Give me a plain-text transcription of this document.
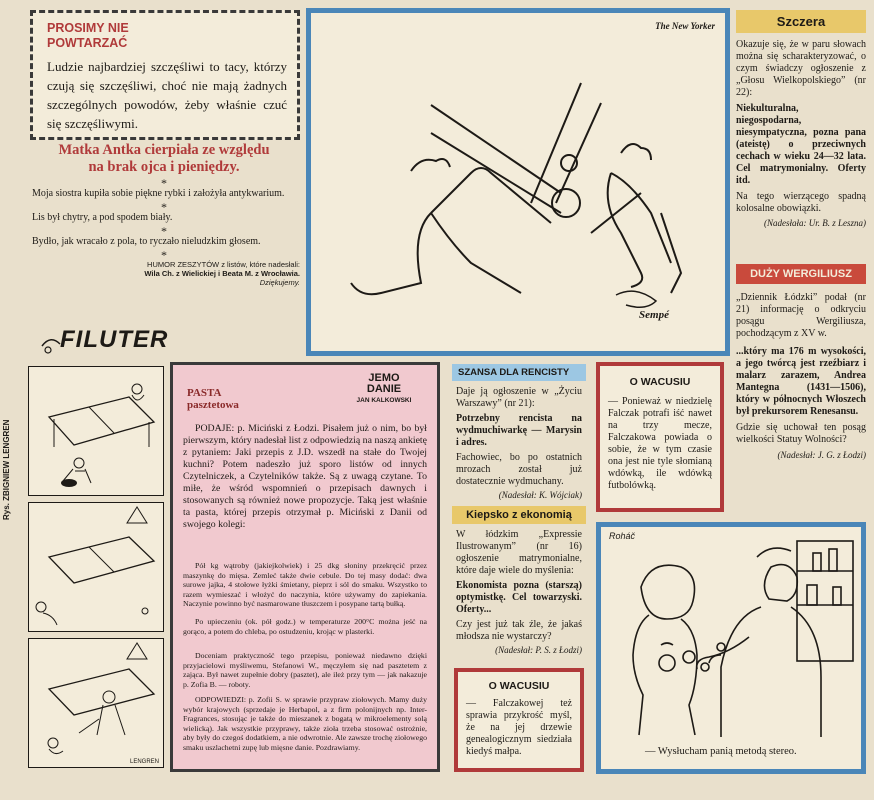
Rys. ZBIGNIEW LENGREN
PROSIMY NIE
POWTARZAĆ
Ludzie najbardziej szczęśliwi to tacy, którzy czują się szczęśliwi, choć nie mają żadnych szczególnych powodów, żeby właśnie czuć się szczęśliwymi.
Matka Antka cierpiała ze względu
na brak ojca i pieniędzy.
*
Moja siostra kupiła sobie piękne rybki i założyła antykwarium.
*
Lis był chytry, a pod spodem biały.
*
Bydło, jak wracało z pola, to ryczało nieludzkim głosem.
*
HUMOR ZESZYTÓW z listów, które nadesłali:
Wila Ch. z Wielickiej i Beata M. z Wrocławia.
Dziękujemy.
FILUTER
LENGREN
The New Yorker
Sempé
Szczera
Okazuje się, że w paru słowach można się scharakteryzować, o czym świadczy ogłoszenie z „Głosu Wielkopolskiego” (nr 22):
Niekulturalna, niegospodarna, niesympatyczna, pozna pana (ateistę) o przeciwnych cechach w wieku 24—32 lata. Cel matrymonialny. Oferty itd.
Na tego wierzącego spadną kolosalne obowiązki.
(Nadesłała: Ur. B. z Leszna)
DUŻY WERGILIUSZ
„Dziennik Łódzki” podał (nr 21) informację o odkryciu posągu Wergiliusza, pochodzącym z XV w.
...który ma 176 m wysokości, a jego twórcą jest rzeźbiarz i malarz zarazem, Andrea Mantegna (1431—1506), który w północnych Włoszech był prekursorem Renesansu.
Gdzie się uchował ten posąg wielkości Statuy Wolności?
(Nadesłał: J. G. z Łodzi)
PASTA
pasztetowa
JEMO
DANIE
JAN KALKOWSKI
PODAJE: p. Miciński z Łodzi. Pisałem już o nim, bo był pierwszym, który nadesłał list z odpowiedzią na naszą ankietę z pytaniem: Jaki przepis z J.D. wszedł na stałe do Twojej kuchni? Potem nadeszło już sporo listów od innych Czytelniczek, a Czytelników także. Są z uwagą czytane. To miłe, że wśród wspomnień o przepisach dawnych i stosowanych są również nowe propozycje. Taką jest właśnie ta pasta, której przepis otrzymał p. Miciński z Danii od swojego kolegi:
Pół kg wątroby (jakiejkolwiek) i 25 dkg słoniny przekręcić przez maszynkę do mięsa. Zemleć także dwie cebule. Do tej masy dodać: dwa surowe jajka, 4 stołowe łyżki śmietany, pieprz i sól do smaku. Wszystko to razem wymieszać i włożyć do naczynia, które używamy do zapiekania. Naczynie powinno być nasmarowane tłuszczem i posypane tartą bułką.
Po upieczeniu (ok. pół godz.) w temperaturze 200°C można jeść na gorąco, a potem do chleba, po ostudzeniu, krojąc w plasterki.
Doceniam praktyczność tego przepisu, ponieważ niedawno dzięki przyjacielowi myśliwemu, Stefanowi W., męczyłem się nad pasztetem z zająca. Był nawet zupełnie dobry (pasztet), ale ileż przy tym — jak nakazuje p. Zofia B. — roboty.
ODPOWIEDZI: p. Zofii S. w sprawie przypraw ziołowych. Mamy duży wybór krajowych (sprzedaje je Herbapol, a z firm polonijnych np. Inter-Fragrances, stosując je także do mieszanek z bogatą w mikroelementy solą wielicką). Jak wszystkie przyprawy, także zioła trzeba stosować ostrożnie, aby były do czegoś dodatkiem, a nie odwrotnie. Ale zawsze trochę ziołowego smaku uszlachetni zupę lub mięsne danie. Pozdrawiamy.
SZANSA DLA RENCISTY
Daje ją ogłoszenie w „Życiu Warszawy” (nr 21):
Potrzebny rencista na wydmuchiwarkę — Marysin i adres.
Fachowiec, bo po ostatnich mrozach został już dostatecznie wydmuchany.
(Nadesłał: K. Wójciak)
Kiepsko z ekonomią
W łódzkim „Expressie Ilustrowanym” (nr 16) ogłoszenie matrymonialne, które daje wiele do myślenia:
Ekonomista pozna (starszą) optymistkę. Cel towarzyski. Oferty...
Czy jest już tak źle, że jakaś młodsza nie wystarczy?
(Nadesłał: P. S. z Łodzi)
O WACUSIU
— Ponieważ w niedzielę Falczak potrafi iść nawet na trzy mecze, Falczakowa powiada o sobie, że w tym czasie ona jest nie tyle słomianą wdówką, ile wdówką futbolówką.
O WACUSIU
— Falczakowej też sprawia przykrość myśl, że na jej drzewie genealogicznym siedziała kiedyś małpa.
Roháč
— Wysłucham panią metodą stereo.
